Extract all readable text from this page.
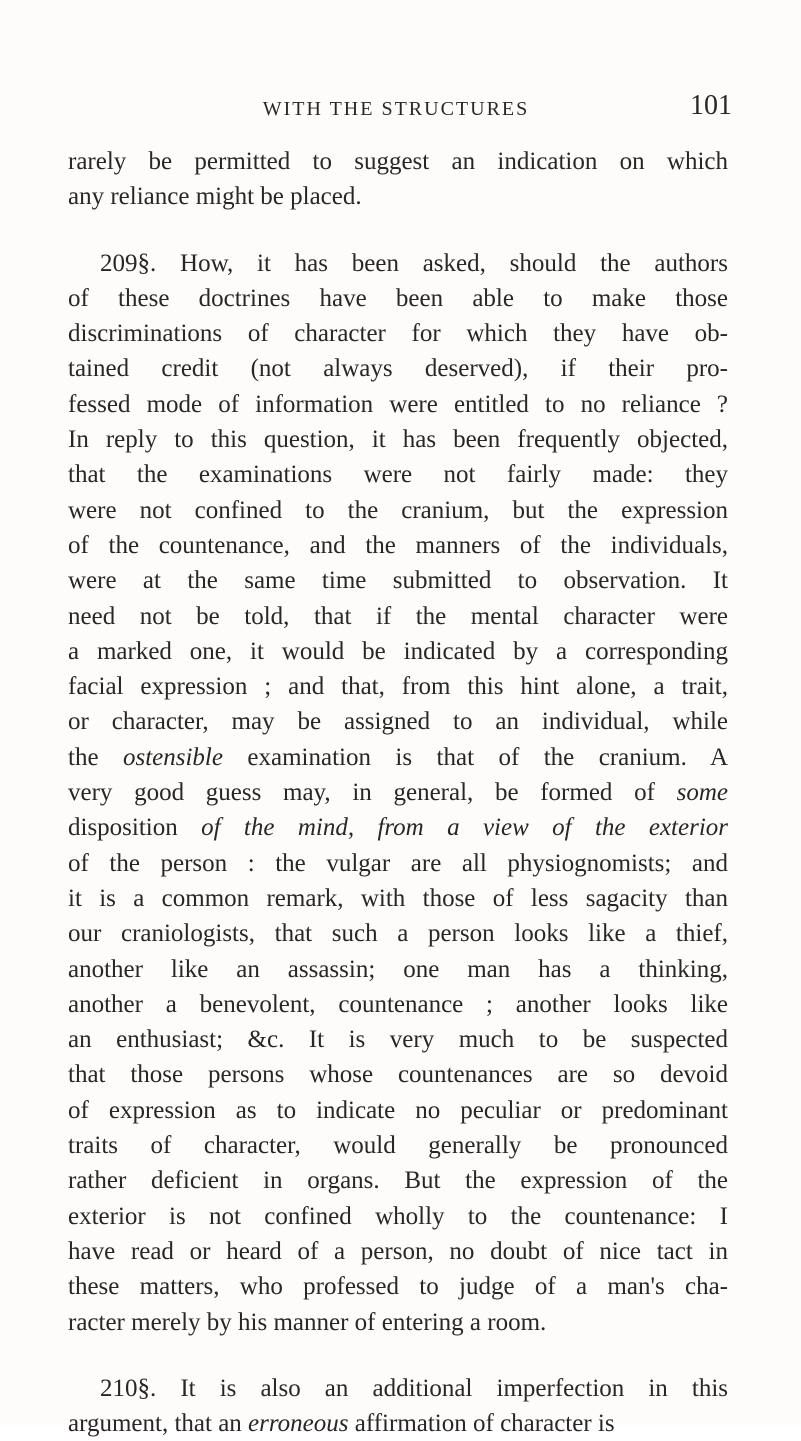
WITH THE STRUCTURES	101
rarely be permitted to suggest an indication on which
any reliance might be placed.
209§. How, it has been asked, should the authors
of these doctrines have been able to make those
discriminations of character for which they have ob-
tained credit (not always deserved), if their pro-
fessed mode of information were entitled to no reliance ?
In reply to this question, it has been frequently objected,
that the examinations were not fairly made: they
were not confined to the cranium, but the expression
of the countenance, and the manners of the individuals,
were at the same time submitted to observation. It
need not be told, that if the mental character were
a marked one, it would be indicated by a corresponding
facial expression ; and that, from this hint alone, a trait,
or character, may be assigned to an individual, while
the ostensible examination is that of the cranium. A
very good guess may, in general, be formed of some
disposition of the mind, from a view of the exterior
of the person : the vulgar are all physiognomists; and
it is a common remark, with those of less sagacity than
our craniologists, that such a person looks like a thief,
another like an assassin; one man has a thinking,
another a benevolent, countenance ; another looks like
an enthusiast; &c. It is very much to be suspected
that those persons whose countenances are so devoid
of expression as to indicate no peculiar or predominant
traits of character, would generally be pronounced
rather deficient in organs. But the expression of the
exterior is not confined wholly to the countenance: I
have read or heard of a person, no doubt of nice tact in
these matters, who professed to judge of a man's cha-
racter merely by his manner of entering a room.
210§. It is also an additional imperfection in this
argument, that an erroneous affirmation of character is
